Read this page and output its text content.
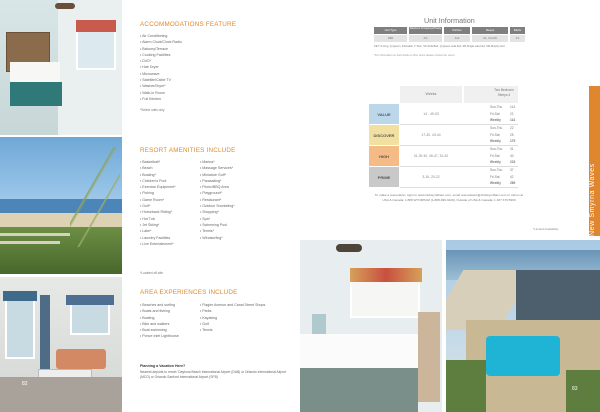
82
ACCOMMODATIONS FEATURE
• Air Conditioning
• Alarm Clock/Clock Radio
• Balcony/Terrace
• Cooking Facilities
• DVD*
• Hair Dryer
• Microwave
• Satellite/Cable TV
• Washer/Dryer*
• Walk-in Room
• Full Kitchen
*Select units only
RESORT AMENITIES INCLUDE
• Basketball*
• Beach
• Boating*
• Children's Pool
• Exercise Equipment*
• Fishing
• Game Room*
• Golf*
• Horseback Riding*
• Hot Tub
• Jet Skiing*
• Lake*
• Laundry Facilities
• Live Entertainment*
• Marina*
• Massage Services*
• Miniature Golf*
• Parasailing*
• Picnic/BBQ Area
• Playground*
• Restaurant*
• Outdoor Snorkeling*
• Shopping*
• Spa*
• Swimming Pool
• Tennis*
• Windsurfing*
*Located off-site
AREA EXPERIENCES INCLUDE
• Beaches and surfing
• Boats and fishing
• Boating
• Bike and walkers
• Boat swimming
• Ponce Inlet Lighthouse
• Flagler Avenue and Canal Street Shops
• Parks
• Kayaking
• Golf
• Tennis
Planning a Vacation Here?
Nearest airports to resort: Daytona Beach International Airport (DAB) or Orlando International Airport (MCO) or Orlando Sanford International Airport (SFB)
Unit Information
Unit Type	Maximum Occupancy/Privacy	Kitchen	Sleeps	Baths
1BR	4/4	Full	1K, 1S+SS	1/1
KEY: K-King, Q-Queen, D-Double, T-Twin, SS-Sofa Bed, Q-Queen sofa bed, SB-Single sofa bed, SM-Murphy bed
*For information on bunk beds or other items please contact the resort.
Weeks
Two Bedroom Sleeps 4
VALUE	14 - 49-53
Sun-Thu 114
Fri-Sat	22
Weekly	114
DISCOVER	17-30, 43-44
Sun-Thu 22
Fri-Sat	25
Weekly	179
HIGH	31-39 40, 45-47, 51-52
Sun-Thu 31
Fri-Sat	40
Weekly	223
PRIME	3-16, 20-22
Sun-Thu 37
Fri-Sat	42
Weekly	269
To make a reservation, login to www.clubwyndham.com, email reservations@clubwyndham.com or call us at USA & Canada: 1 888 WYNDHAM (1-888-996-3426), Outside of USA & Canada: 1 407 370 5900
*Limited Availability	New Smyrna Waves
83
